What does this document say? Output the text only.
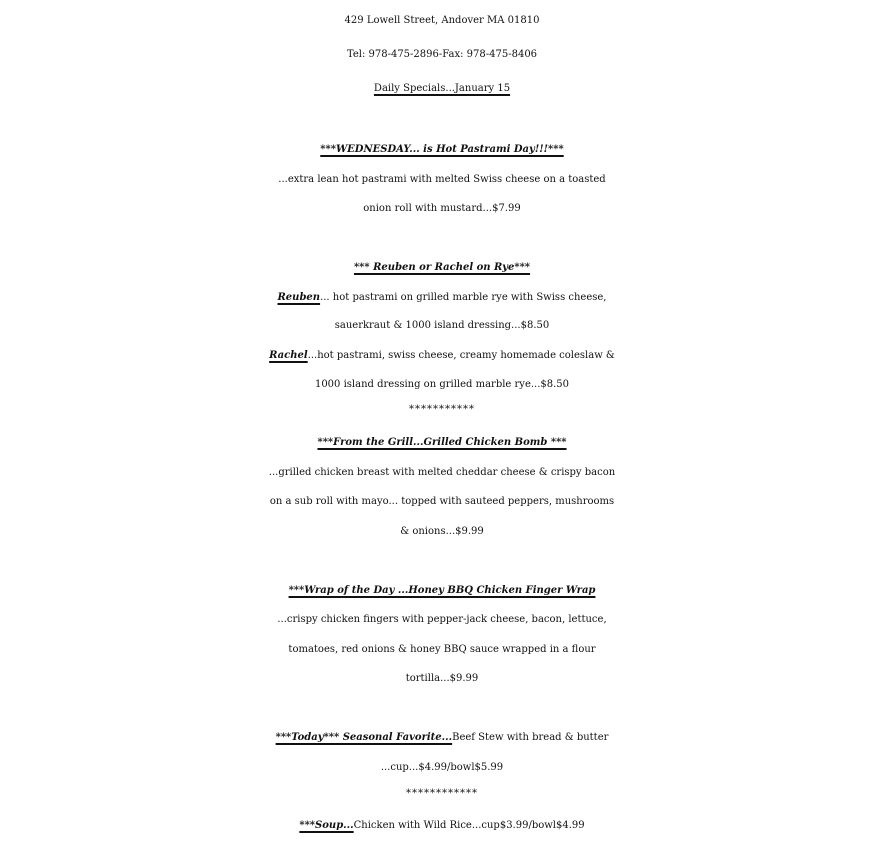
429 Lowell Street, Andover MA 01810
Tel: 978-475-2896-Fax: 978-475-8406
Daily Specials...January 15
***WEDNESDAY... is Hot Pastrami Day!!!***
...extra lean hot pastrami with melted Swiss cheese on a toasted
onion roll with mustard...$7.99
*** Reuben or Rachel on Rye***
Reuben... hot pastrami on grilled marble rye with Swiss cheese,
sauerkraut & 1000 island dressing...$8.50
Rachel...hot pastrami, swiss cheese, creamy homemade coleslaw &
1000 island dressing on grilled marble rye...$8.50
***********
***From the Grill...Grilled Chicken Bomb ***
...grilled chicken breast with melted cheddar cheese & crispy bacon
on a sub roll with mayo... topped with sauteed peppers, mushrooms
& onions...$9.99
***Wrap of the Day ...Honey BBQ Chicken Finger Wrap
...crispy chicken fingers with pepper-jack cheese, bacon, lettuce,
tomatoes, red onions & honey BBQ sauce wrapped in a flour
tortilla...$9.99
***Today*** Seasonal Favorite...Beef Stew with bread & butter
...cup...$4.99/bowl$5.99
************
***Soup...Chicken with Wild Rice...cup$3.99/bowl$4.99
